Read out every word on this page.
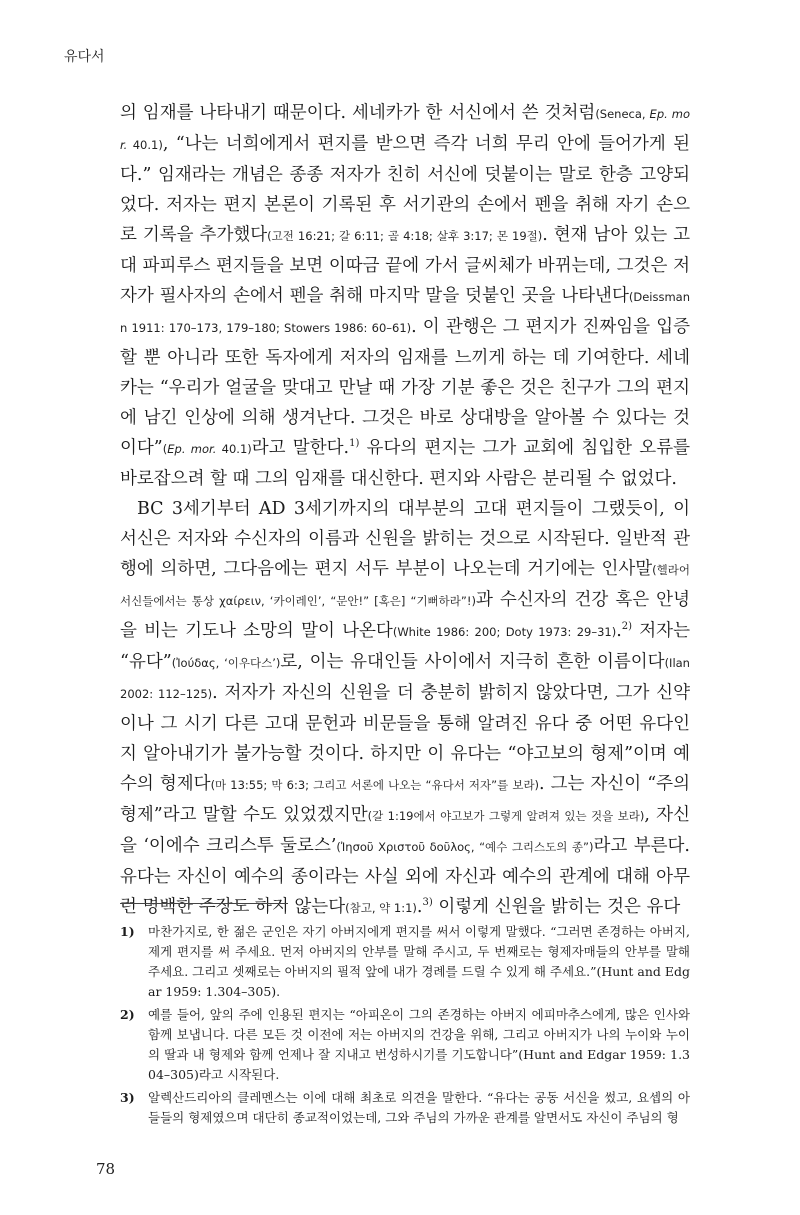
유다서

의 임재를 나타내기 때문이다. 세네카가 한 서신에서 쓴 것처럼(Seneca, Ep. mor. 40.1), “나는 너희에게서 편지를 받으면 즉각 너희 무리 안에 들어가게 된다.” 임재라는 개념은 종종 저자가 친히 서신에 덧붙이는 말로 한층 고양되었다. 저자는 편지 본론이 기록된 후 서기관의 손에서 펜을 취해 자기 손으로 기록을 추가했다(고전 16:21; 갈 6:11; 골 4:18; 살후 3:17; 몬 19절). 현재 남아 있는 고대 파피루스 편지들을 보면 이따금 끝에 가서 글씨체가 바뀌는데, 그것은 저자가 필사자의 손에서 펜을 취해 마지막 말을 덧붙인 곳을 나타낸다(Deissmann 1911: 170–173, 179–180; Stowers 1986: 60–61). 이 관행은 그 편지가 진짜임을 입증할 뿐 아니라 또한 독자에게 저자의 임재를 느끼게 하는 데 기여한다. 세네카는 “우리가 얼굴을 맞대고 만날 때 가장 기분 좋은 것은 친구가 그의 편지에 남긴 인상에 의해 생겨난다. 그것은 바로 상대방을 알아볼 수 있다는 것이다”(Ep. mor. 40.1)라고 말한다.$^{1)}$ 유다의 편지는 그가 교회에 침입한 오류를 바로잡으려 할 때 그의 임재를 대신한다. 편지와 사람은 분리될 수 없었다.

BC 3세기부터 AD 3세기까지의 대부분의 고대 편지들이 그랬듯이, 이 서신은 저자와 수신자의 이름과 신원을 밝히는 것으로 시작된다. 일반적 관행에 의하면, 그다음에는 편지 서두 부분이 나오는데 거기에는 인사말(헬라어 서신들에서는 통상 χαίρειν, ‘카이레인’, “문안!” [혹은] “기뻐하라”!)과 수신자의 건강 혹은 안녕을 비는 기도나 소망의 말이 나온다(White 1986: 200; Doty 1973: 29–31).$^{2)}$ 저자는 “유다”(Ἰούδας, ‘이우다스’)로, 이는 유대인들 사이에서 지극히 흔한 이름이다(Ilan 2002: 112–125). 저자가 자신의 신원을 더 충분히 밝히지 않았다면, 그가 신약이나 그 시기 다른 고대 문헌과 비문들을 통해 알려진 유다 중 어떤 유다인지 알아내기가 불가능할 것이다. 하지만 이 유다는 “야고보의 형제”이며 예수의 형제다(마 13:55; 막 6:3; 그리고 서론에 나오는 “유다서 저자”를 보라). 그는 자신이 “주의 형제”라고 말할 수도 있었겠지만(갈 1:19에서 야고보가 그렇게 알려져 있는 것을 보라), 자신을 ‘이에수 크리스투 둘로스’(Ἰησοῦ Χριστοῦ δοῦλος, “예수 그리스도의 종”)라고 부른다. 유다는 자신이 예수의 종이라는 사실 외에 자신과 예수의 관계에 대해 아무런 명백한 주장도 하지 않는다(참고, 약 1:1).$^{3)}$ 이렇게 신원을 밝히는 것은 유다

1) 마찬가지로, 한 젊은 군인은 자기 아버지에게 편지를 써서 이렇게 말했다. “그러면 존경하는 아버지, 제게 편지를 써 주세요. 먼저 아버지의 안부를 말해 주시고, 두 번째로는 형제자매들의 안부를 말해 주세요. 그리고 셋째로는 아버지의 필적 앞에 내가 경례를 드릴 수 있게 해 주세요.”(Hunt and Edgar 1959: 1.304–305).

2) 예를 들어, 앞의 주에 인용된 편지는 “아피온이 그의 존경하는 아버지 에피마추스에게, 많은 인사와 함께 보냅니다. 다른 모든 것 이전에 저는 아버지의 건강을 위해, 그리고 아버지가 나의 누이와 누이의 딸과 내 형제와 함께 언제나 잘 지내고 번성하시기를 기도합니다”(Hunt and Edgar 1959: 1.304–305)라고 시작된다.

3) 알렉산드리아의 클레멘스는 이에 대해 최초로 의견을 말한다. “유다는 공동 서신을 썼고, 요셉의 아들들의 형제였으며 대단히 종교적이었는데, 그와 주님의 가까운 관계를 알면서도 자신이 주님의 형

78
